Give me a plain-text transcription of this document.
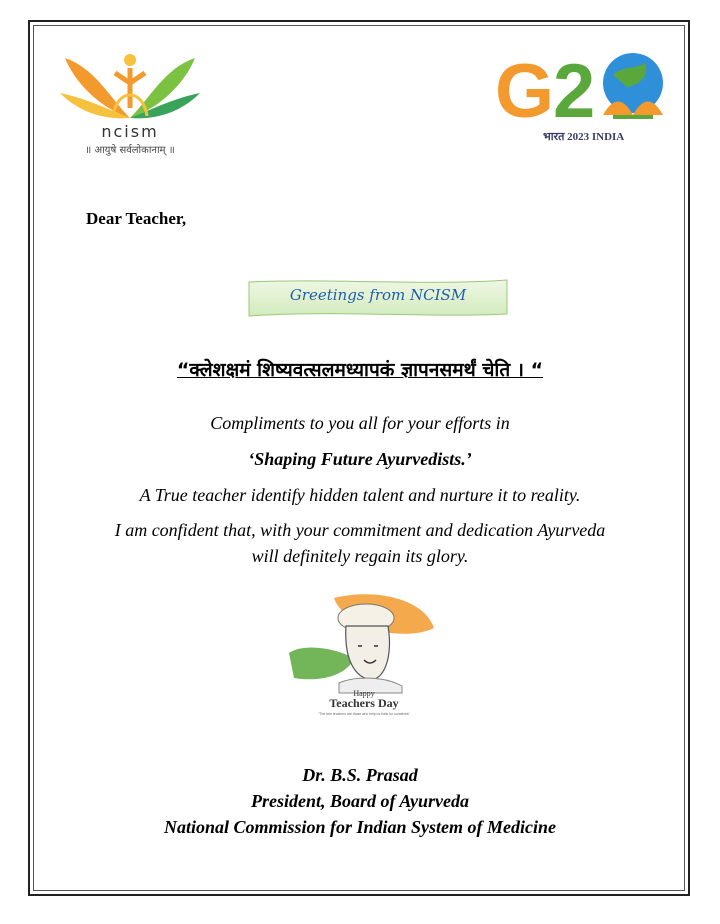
ncism
॥ आयुषे सर्वलोकानाम् ॥
G
2
भारत 2023 INDIA
Dear Teacher,
Greetings from NCISM
“क्लेशक्षमं शिष्यवत्सलमध्यापकं ज्ञापनसमर्थं चेति । “
Compliments to you all for your efforts in
‘Shaping Future Ayurvedists.’
A True teacher identify hidden talent and nurture it to reality.
I am confident that, with your commitment and dedication Ayurveda
will definitely regain its glory.
Happy
Teachers Day
"The true teachers are those who help us think for ourselves"
Dr. B.S. Prasad
President, Board of Ayurveda
National Commission for Indian System of Medicine
